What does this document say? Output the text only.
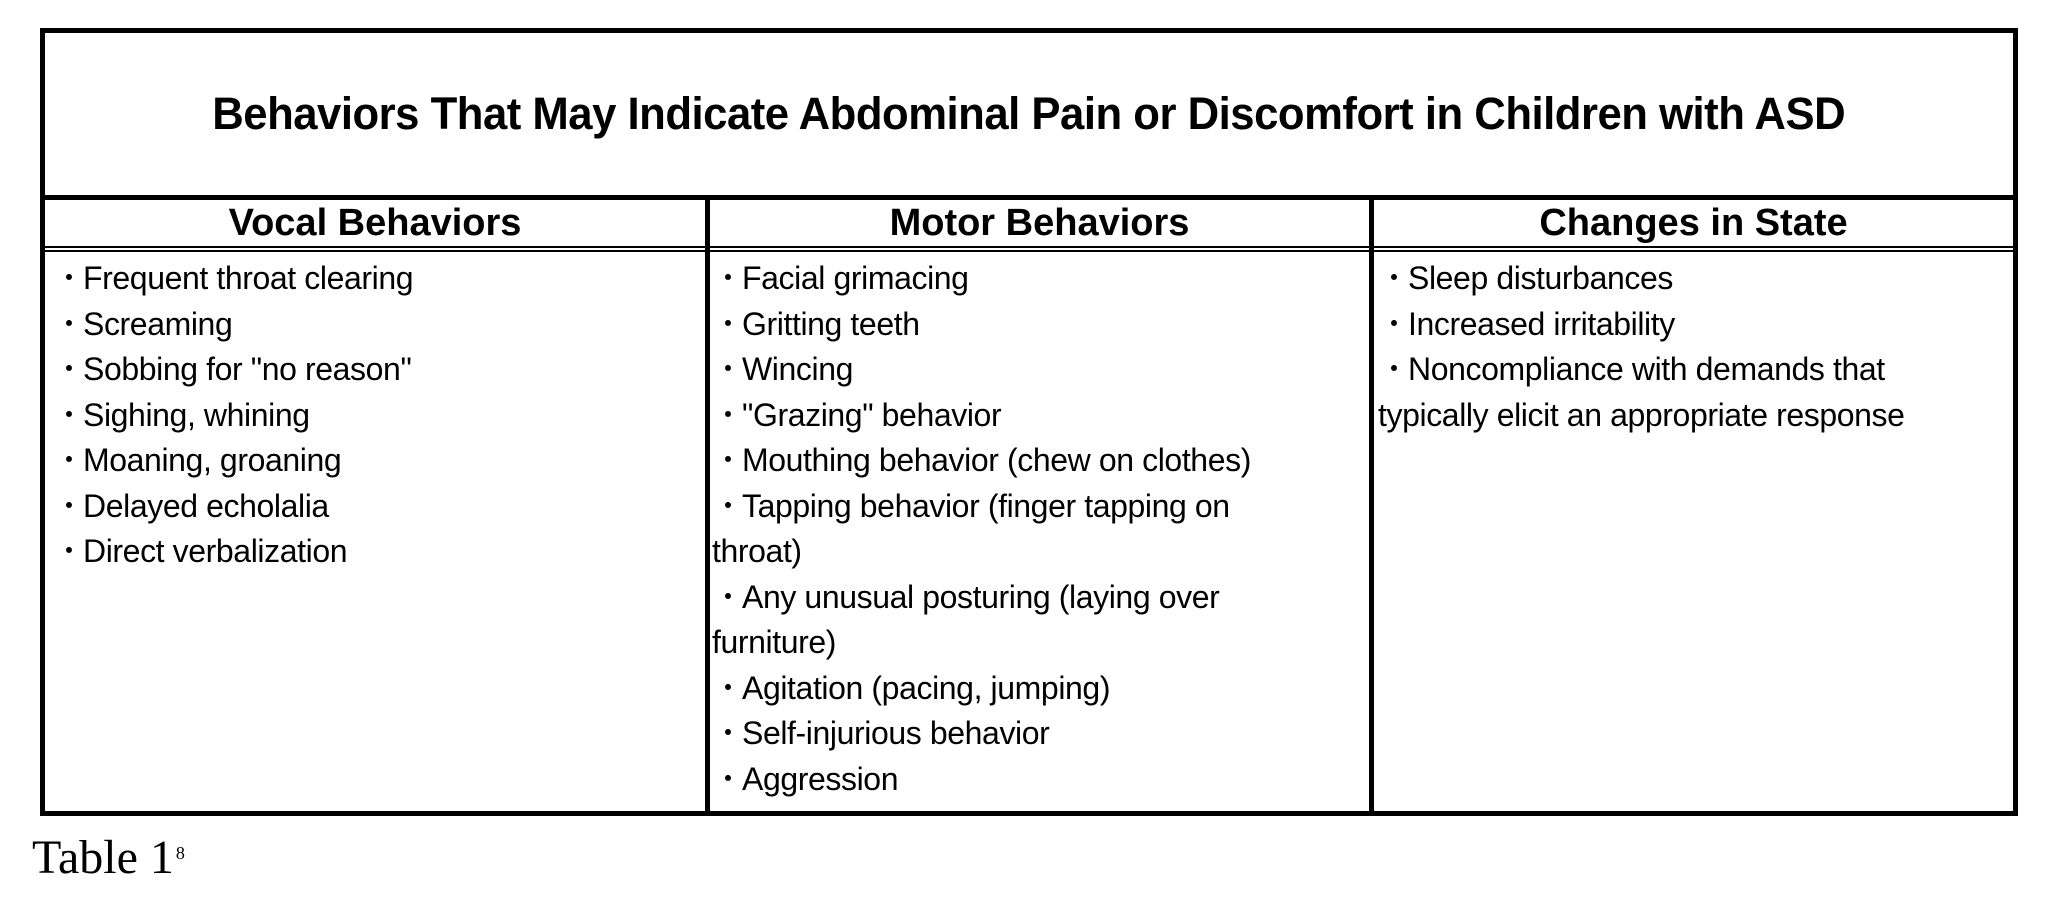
Behaviors That May Indicate Abdominal Pain or Discomfort in Children with ASD
Vocal Behaviors
・Frequent throat clearing
・Screaming
・Sobbing for "no reason"
・Sighing, whining
・Moaning, groaning
・Delayed echolalia
・Direct verbalization
Motor Behaviors
・Facial grimacing
・Gritting teeth
・Wincing
・"Grazing" behavior
・Mouthing behavior (chew on clothes)
・Tapping behavior (finger tapping on throat)
・Any unusual posturing (laying over furniture)
・Agitation (pacing, jumping)
・Self-injurious behavior
・Aggression
Changes in State
・Sleep disturbances
・Increased irritability
・Noncompliance with demands that typically elicit an appropriate response
Table 1 $^8$
